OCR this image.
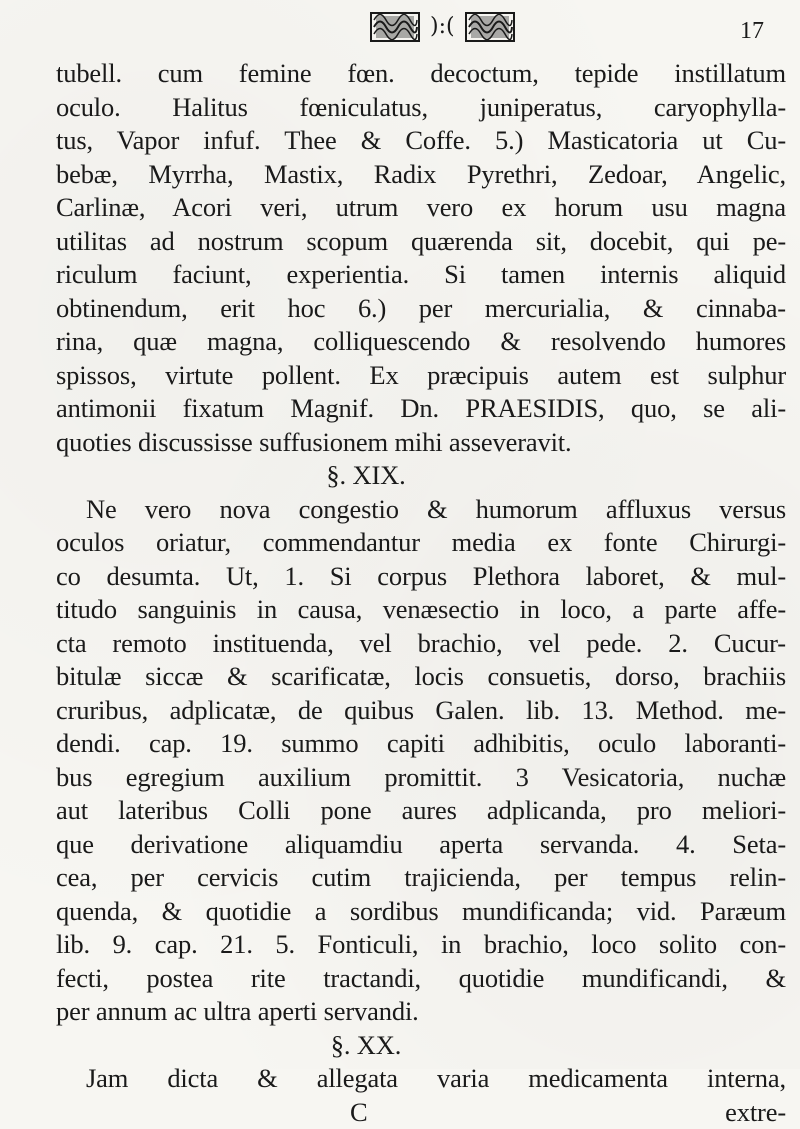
):(	17
tubell. cum femine fœn. decoctum, tepide instillatum
oculo. Halitus fœniculatus, juniperatus, caryophylla-
tus, Vapor infuf. Thee & Coffe. 5.) Masticatoria ut Cu-
bebæ, Myrrha, Mastix, Radix Pyrethri, Zedoar, Angelic,
Carlinæ, Acori veri, utrum vero ex horum usu magna
utilitas ad nostrum scopum quærenda sit, docebit, qui pe-
riculum faciunt, experientia. Si tamen internis aliquid
obtinendum, erit hoc 6.) per mercurialia, & cinnaba-
rina, quæ magna, colliquescendo & resolvendo humores
spissos, virtute pollent. Ex præcipuis autem est sulphur
antimonii fixatum Magnif. Dn. PRAESIDIS, quo, se ali-
quoties discussisse suffusionem mihi asseveravit.
§. XIX.
Ne vero nova congestio & humorum affluxus versus
oculos oriatur, commendantur media ex fonte Chirurgi-
co desumta. Ut, 1. Si corpus Plethora laboret, & mul-
titudo sanguinis in causa, venæsectio in loco, a parte affe-
cta remoto instituenda, vel brachio, vel pede. 2. Cucur-
bitulæ siccæ & scarificatæ, locis consuetis, dorso, brachiis
cruribus, adplicatæ, de quibus Galen. lib. 13. Method. me-
dendi. cap. 19. summo capiti adhibitis, oculo laboranti-
bus egregium auxilium promittit. 3 Vesicatoria, nuchæ
aut lateribus Colli pone aures adplicanda, pro meliori-
que derivatione aliquamdiu aperta servanda. 4. Seta-
cea, per cervicis cutim trajicienda, per tempus relin-
quenda, & quotidie a sordibus mundificanda; vid. Paræum
lib. 9. cap. 21. 5. Fonticuli, in brachio, loco solito con-
fecti, postea rite tractandi, quotidie mundificandi, &
per annum ac ultra aperti servandi.
§. XX.
Jam dicta & allegata varia medicamenta interna,
C	extre-
